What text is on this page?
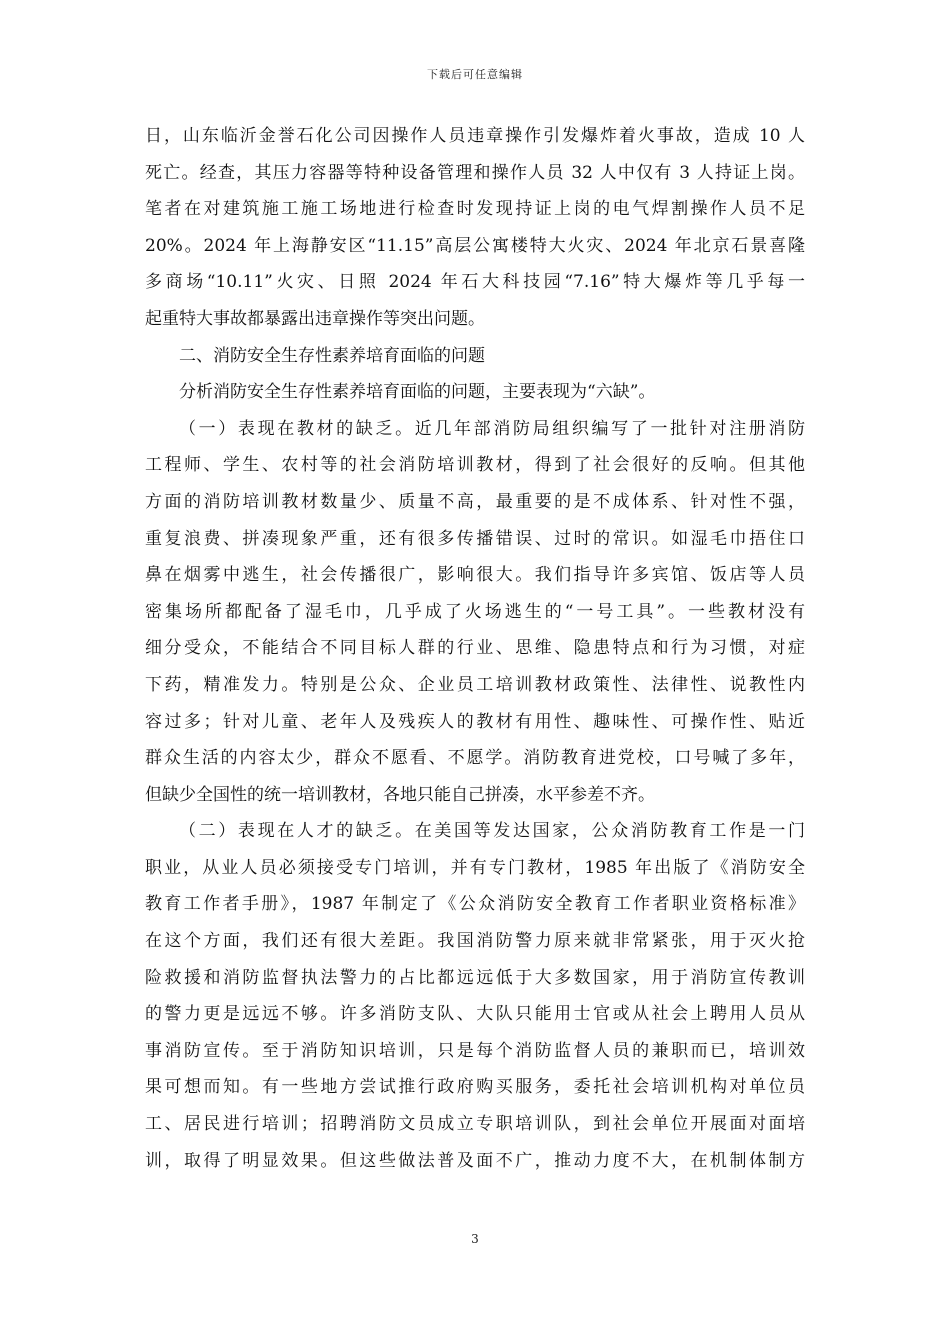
下载后可任意编辑
日，山东临沂金誉石化公司因操作人员违章操作引发爆炸着火事故，造成 10 人
死亡。经查，其压力容器等特种设备管理和操作人员 32 人中仅有 3 人持证上岗。
笔者在对建筑施工施工场地进行检查时发现持证上岗的电气焊割操作人员不足
20%。2024 年上海静安区“11.15”高层公寓楼特大火灾、2024 年北京石景喜隆
多商场“10.11”火灾、日照 2024 年石大科技园“7.16”特大爆炸等几乎每一
起重特大事故都暴露出违章操作等突出问题。
二、消防安全生存性素养培育面临的问题
分析消防安全生存性素养培育面临的问题，主要表现为“六缺”。
（一）表现在教材的缺乏。近几年部消防局组织编写了一批针对注册消防
工程师、学生、农村等的社会消防培训教材，得到了社会很好的反响。但其他
方面的消防培训教材数量少、质量不高，最重要的是不成体系、针对性不强，
重复浪费、拼凑现象严重，还有很多传播错误、过时的常识。如湿毛巾捂住口
鼻在烟雾中逃生，社会传播很广，影响很大。我们指导许多宾馆、饭店等人员
密集场所都配备了湿毛巾，几乎成了火场逃生的“一号工具”。一些教材没有
细分受众，不能结合不同目标人群的行业、思维、隐患特点和行为习惯，对症
下药，精准发力。特别是公众、企业员工培训教材政策性、法律性、说教性内
容过多；针对儿童、老年人及残疾人的教材有用性、趣味性、可操作性、贴近
群众生活的内容太少，群众不愿看、不愿学。消防教育进党校，口号喊了多年，
但缺少全国性的统一培训教材，各地只能自己拼凑，水平参差不齐。
（二）表现在人才的缺乏。在美国等发达国家，公众消防教育工作是一门
职业，从业人员必须接受专门培训，并有专门教材，1985 年出版了《消防安全
教育工作者手册》，1987 年制定了《公众消防安全教育工作者职业资格标准》
在这个方面，我们还有很大差距。我国消防警力原来就非常紧张，用于灭火抢
险救援和消防监督执法警力的占比都远远低于大多数国家，用于消防宣传教训
的警力更是远远不够。许多消防支队、大队只能用士官或从社会上聘用人员从
事消防宣传。至于消防知识培训，只是每个消防监督人员的兼职而已，培训效
果可想而知。有一些地方尝试推行政府购买服务，委托社会培训机构对单位员
工、居民进行培训；招聘消防文员成立专职培训队，到社会单位开展面对面培
训，取得了明显效果。但这些做法普及面不广，推动力度不大，在机制体制方
3
